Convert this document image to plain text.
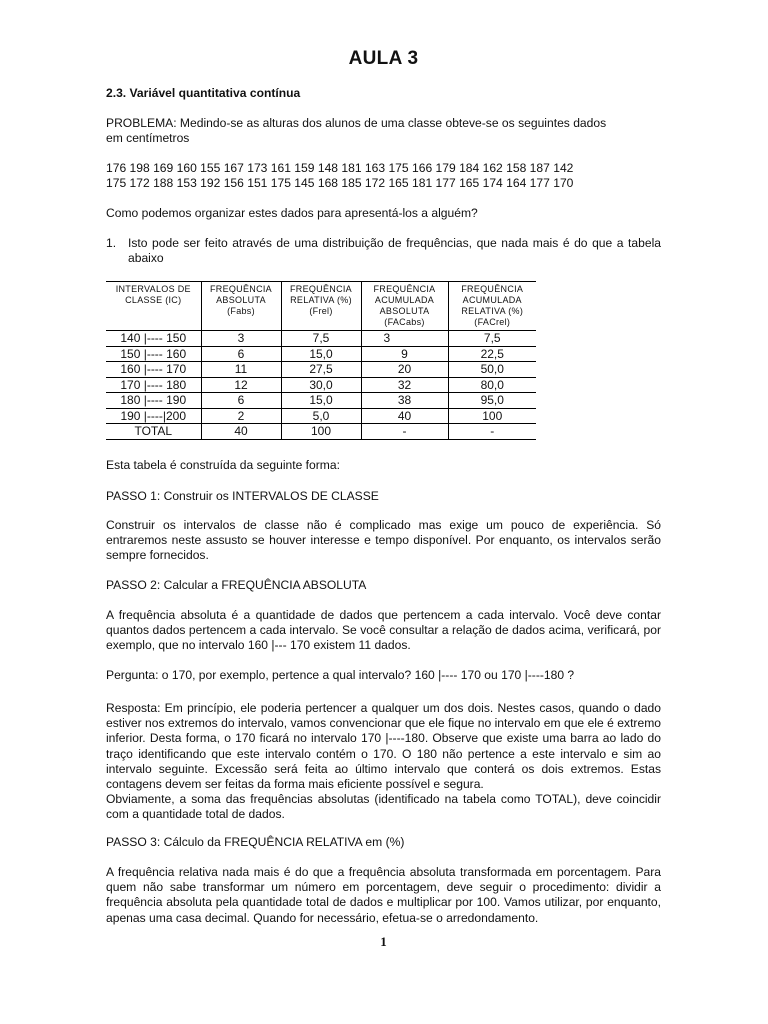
AULA 3
2.3. Variável quantitativa contínua
PROBLEMA: Medindo-se as alturas dos alunos de uma classe obteve-se os seguintes dados
em centímetros
176 198 169 160 155 167 173 161 159 148 181 163 175 166 179 184 162 158 187 142
175 172 188 153 192 156 151 175 145 168 185 172 165 181 177 165 174 164 177 170
Como podemos organizar estes dados para apresentá-los a alguém?
1. Isto pode ser feito através de uma distribuição de frequências, que nada mais é do que a tabela abaixo
INTERVALOS DE CLASSE (IC)	FREQUÊNCIA ABSOLUTA (Fabs)	FREQUÊNCIA RELATIVA (%) (Frel)	FREQUÊNCIA ACUMULADA ABSOLUTA (FACabs)	FREQUÊNCIA ACUMULADA RELATIVA (%) (FACrel)
140 |---- 150	3	7,5	3	7,5
150 |---- 160	6	15,0	9	22,5
160 |---- 170	11	27,5	20	50,0
170 |---- 180	12	30,0	32	80,0
180 |---- 190	6	15,0	38	95,0
190 |----|200	2	5,0	40	100
TOTAL	40	100	-	-
Esta tabela é construída da seguinte forma:
PASSO 1: Construir os INTERVALOS DE CLASSE
Construir os intervalos de classe não é complicado mas exige um pouco de experiência. Só entraremos neste assusto se houver interesse e tempo disponível. Por enquanto, os intervalos serão sempre fornecidos.
PASSO 2: Calcular a FREQUÊNCIA ABSOLUTA
A frequência absoluta é a quantidade de dados que pertencem a cada intervalo. Você deve contar quantos dados pertencem a cada intervalo. Se você consultar a relação de dados acima, verificará, por exemplo, que no intervalo 160 |--- 170 existem 11 dados.
Pergunta: o 170, por exemplo, pertence a qual intervalo? 160 |---- 170 ou 170 |----180 ?
Resposta: Em princípio, ele poderia pertencer a qualquer um dos dois. Nestes casos, quando o dado estiver nos extremos do intervalo, vamos convencionar que ele fique no intervalo em que ele é extremo inferior. Desta forma, o 170 ficará no intervalo 170 |----180. Observe que existe uma barra ao lado do traço identificando que este intervalo contém o 170. O 180 não pertence a este intervalo e sim ao intervalo seguinte. Excessão será feita ao último intervalo que conterá os dois extremos. Estas contagens devem ser feitas da forma mais eficiente possível e segura.
Obviamente, a soma das frequências absolutas (identificado na tabela como TOTAL), deve coincidir com a quantidade total de dados.
PASSO 3: Cálculo da FREQUÊNCIA RELATIVA em (%)
A frequência relativa nada mais é do que a frequência absoluta transformada em porcentagem. Para quem não sabe transformar um número em porcentagem, deve seguir o procedimento: dividir a frequência absoluta pela quantidade total de dados e multiplicar por 100. Vamos utilizar, por enquanto, apenas uma casa decimal. Quando for necessário, efetua-se o arredondamento.
1
